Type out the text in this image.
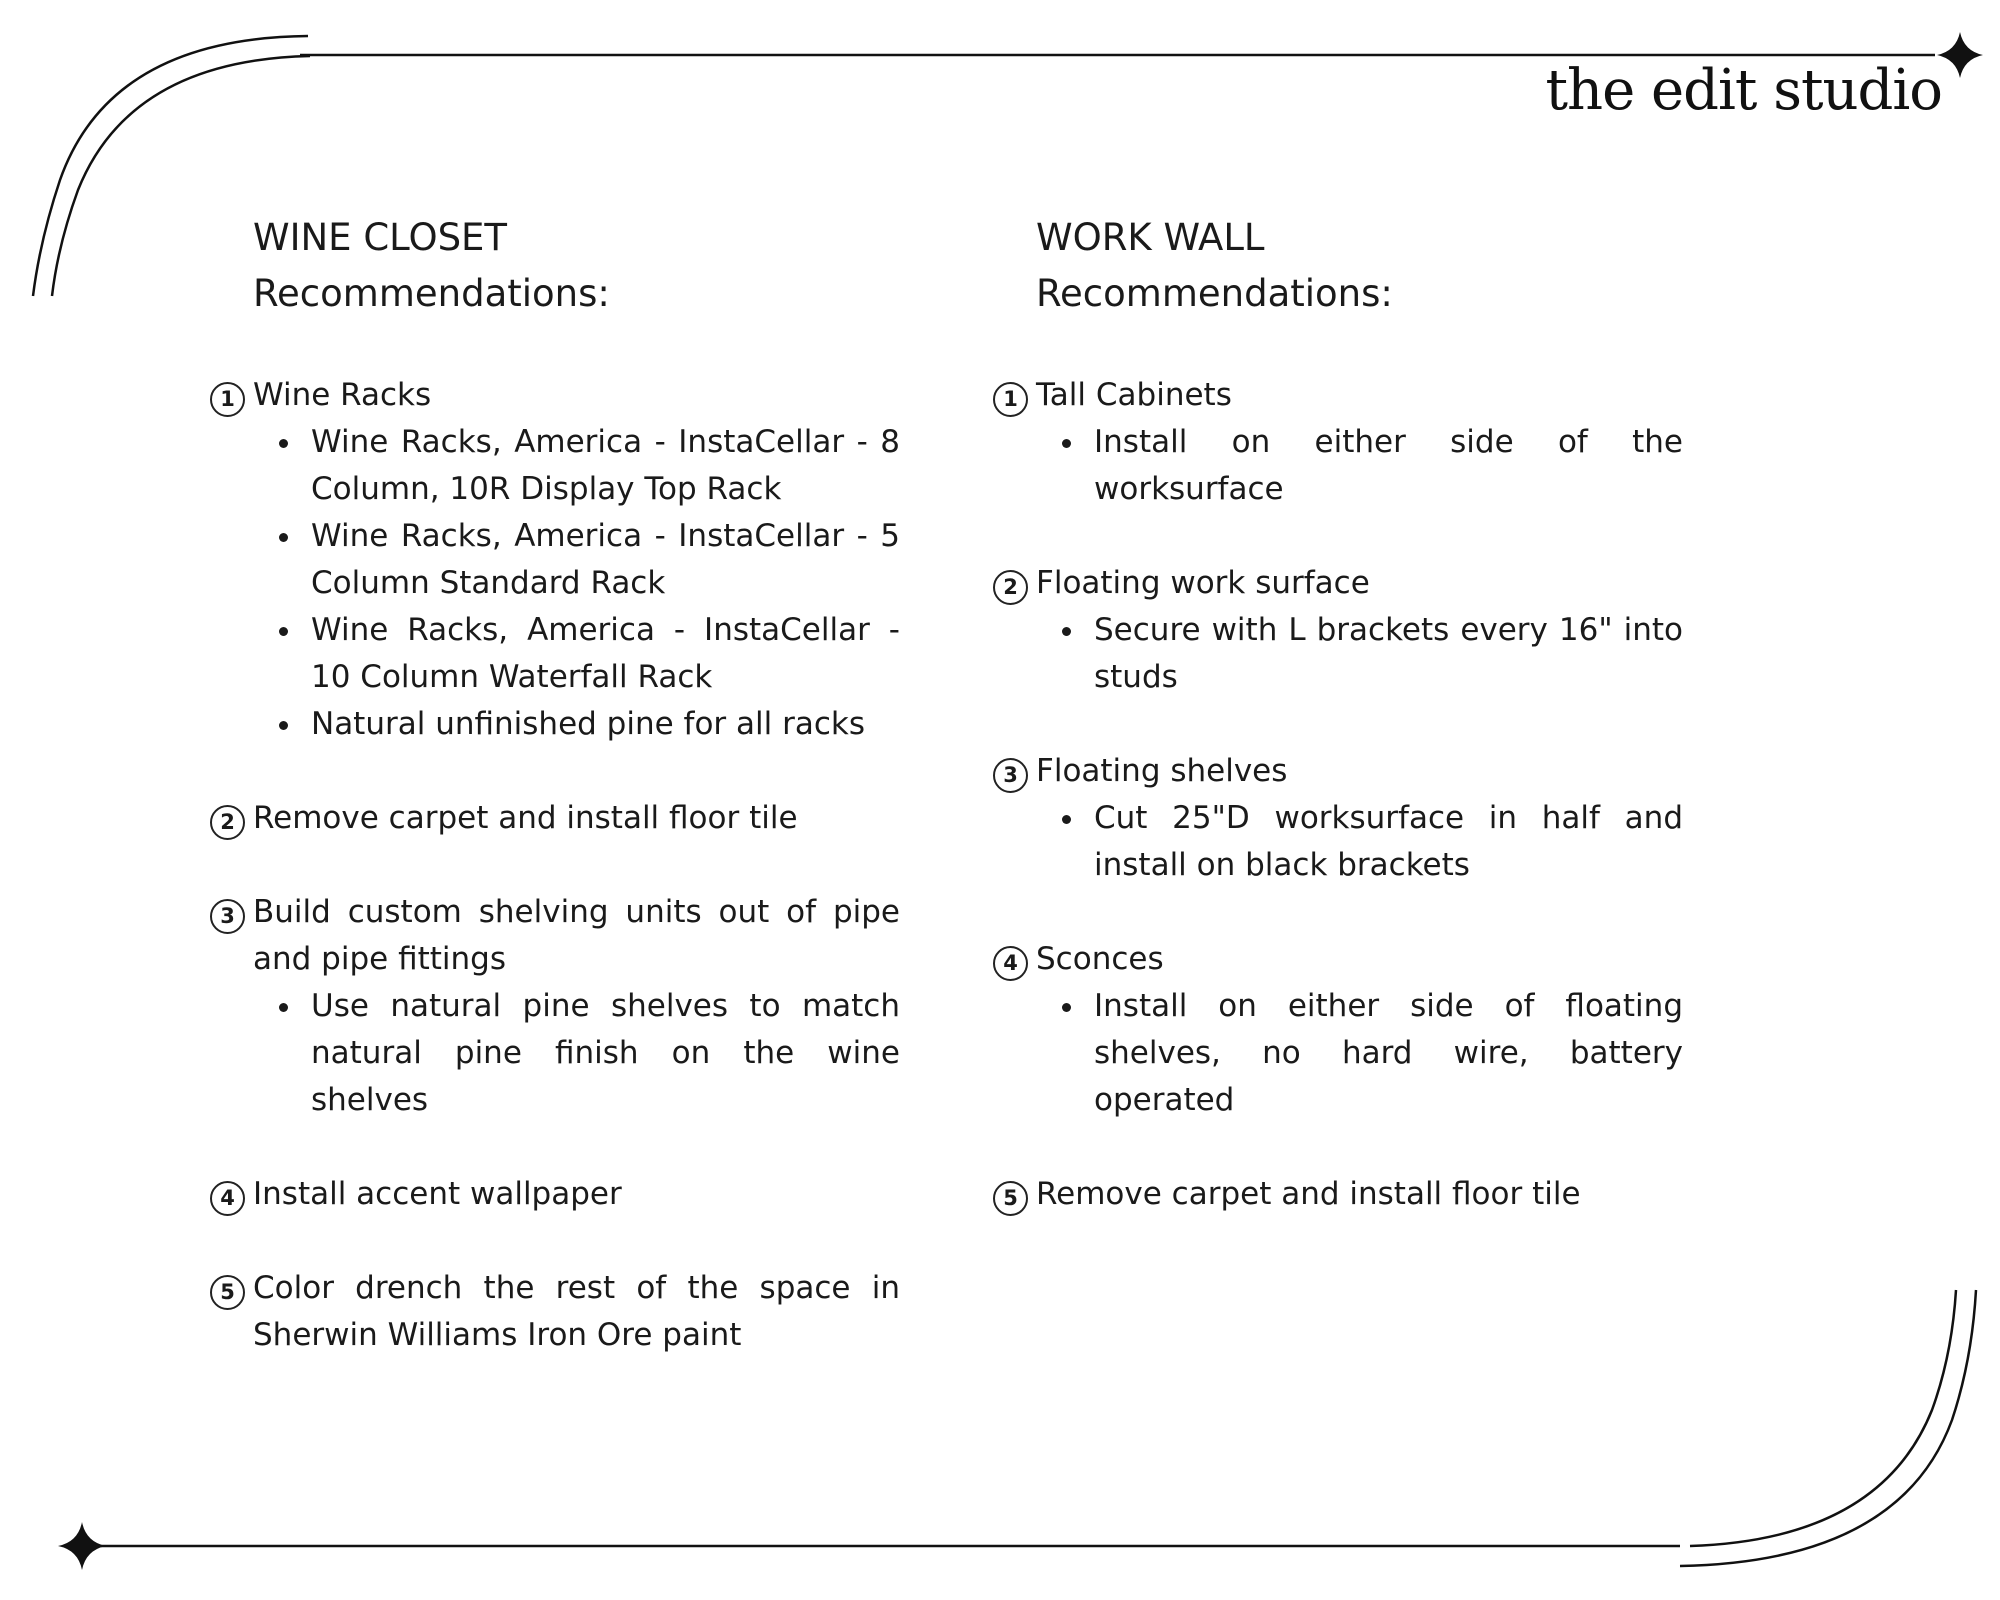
the edit studio
WINE CLOSET
Recommendations:
1 Wine Racks
Wine Racks, America - InstaCellar - 8 Column, 10R Display Top Rack
Wine Racks, America - InstaCellar - 5 Column Standard Rack
Wine Racks, America - InstaCellar - 10 Column Waterfall Rack
Natural unfinished pine for all racks
2 Remove carpet and install floor tile
3 Build custom shelving units out of pipe and pipe fittings
Use natural pine shelves to match natural pine finish on the wine shelves
4 Install accent wallpaper
5 Color drench the rest of the space in Sherwin Williams Iron Ore paint
WORK WALL
Recommendations:
1 Tall Cabinets
Install on either side of the worksurface
2 Floating work surface
Secure with L brackets every 16" into studs
3 Floating shelves
Cut 25"D worksurface in half and install on black brackets
4 Sconces
Install on either side of floating shelves, no hard wire, battery operated
5 Remove carpet and install floor tile
